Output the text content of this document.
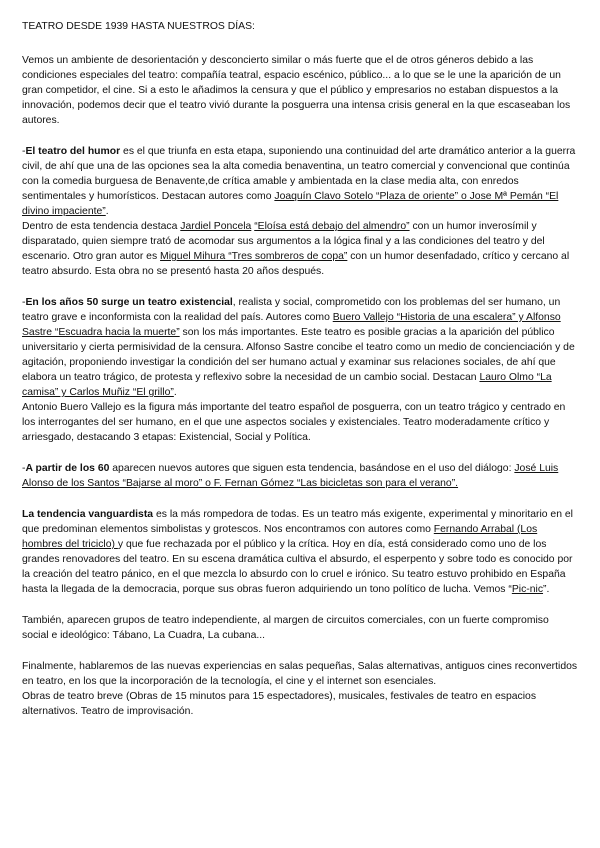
TEATRO DESDE 1939 HASTA NUESTROS DÍAS:

Vemos un ambiente de desorientación y desconcierto similar o más fuerte que el de otros géneros debido a las condiciones especiales del teatro: compañía teatral, espacio escénico, público... a lo que se le une la aparición de un gran competidor, el cine. Si a esto le añadimos la censura y que el público y empresarios no estaban dispuestos a la innovación, podemos decir que el teatro vivió durante la posguerra una intensa crisis general en la que escaseaban los autores.

-El teatro del humor es el que triunfa en esta etapa, suponiendo una continuidad del arte dramático anterior a la guerra civil, de ahí que una de las opciones sea la alta comedia benaventina, un teatro comercial y convencional que continúa con la comedia burguesa de Benavente,de crítica amable y ambientada en la clase media alta, con enredos sentimentales y humorísticos. Destacan autores como Joaquín Clavo Sotelo “Plaza de oriente” o Jose Mª Pemán “El divino impaciente”.

Dentro de esta tendencia destaca Jardiel Poncela “Eloísa está debajo del almendro” con un humor inverosímil y disparatado, quien siempre trató de acomodar sus argumentos a la lógica final y a las condiciones del teatro y del escenario. Otro gran autor es Miguel Mihura “Tres sombreros de copa” con un humor desenfadado, crítico y cercano al teatro absurdo. Esta obra no se presentó hasta 20 años después.

-En los años 50 surge un teatro existencial, realista y social, comprometido con los problemas del ser humano, un teatro grave e inconformista con la realidad del país. Autores como Buero Vallejo “Historia de una escalera” y Alfonso Sastre “Escuadra hacia la muerte” son los más importantes. Este teatro es posible gracias a la aparición del público universitario y cierta permisividad de la censura. Alfonso Sastre concibe el teatro como un medio de concienciación y de agitación, proponiendo investigar la condición del ser humano actual y examinar sus relaciones sociales, de ahí que elabora un teatro trágico, de protesta y reflexivo sobre la necesidad de un cambio social. Destacan Lauro Olmo “La camisa” y Carlos Muñiz “El grillo”.

Antonio Buero Vallejo es la figura más importante del teatro español de posguerra, con un teatro trágico y centrado en los interrogantes del ser humano, en el que une aspectos sociales y existenciales. Teatro moderadamente crítico y arriesgado, destacando 3 etapas: Existencial, Social y Política.

-A partir de los 60 aparecen nuevos autores que siguen esta tendencia, basándose en el uso del diálogo: José Luis Alonso de los Santos “Bajarse al moro” o F. Fernan Gómez “Las bicicletas son para el verano”.

La tendencia vanguardista es la más rompedora de todas. Es un teatro más exigente, experimental y minoritario en el que predominan elementos simbolistas y grotescos. Nos encontramos con autores como Fernando Arrabal (Los hombres del triciclo) y que fue rechazada por el público y la crítica. Hoy en día, está considerado como uno de los grandes renovadores del teatro. En su escena dramática cultiva el absurdo, el esperpento y sobre todo es conocido por la creación del teatro pánico, en el que mezcla lo absurdo con lo cruel e irónico. Su teatro estuvo prohibido en España hasta la llegada de la democracia, porque sus obras fueron adquiriendo un tono político de lucha. Vemos “Pic-nic”.

También, aparecen grupos de teatro independiente, al margen de circuitos comerciales, con un fuerte compromiso social e ideológico: Tábano, La Cuadra, La cubana...

Finalmente, hablaremos de las nuevas experiencias en salas pequeñas, Salas alternativas, antiguos cines reconvertidos en teatro, en los que la incorporación de la tecnología, el cine y el internet son esenciales.

Obras de teatro breve (Obras de 15 minutos para 15 espectadores), musicales, festivales de teatro en espacios alternativos. Teatro de improvisación.
